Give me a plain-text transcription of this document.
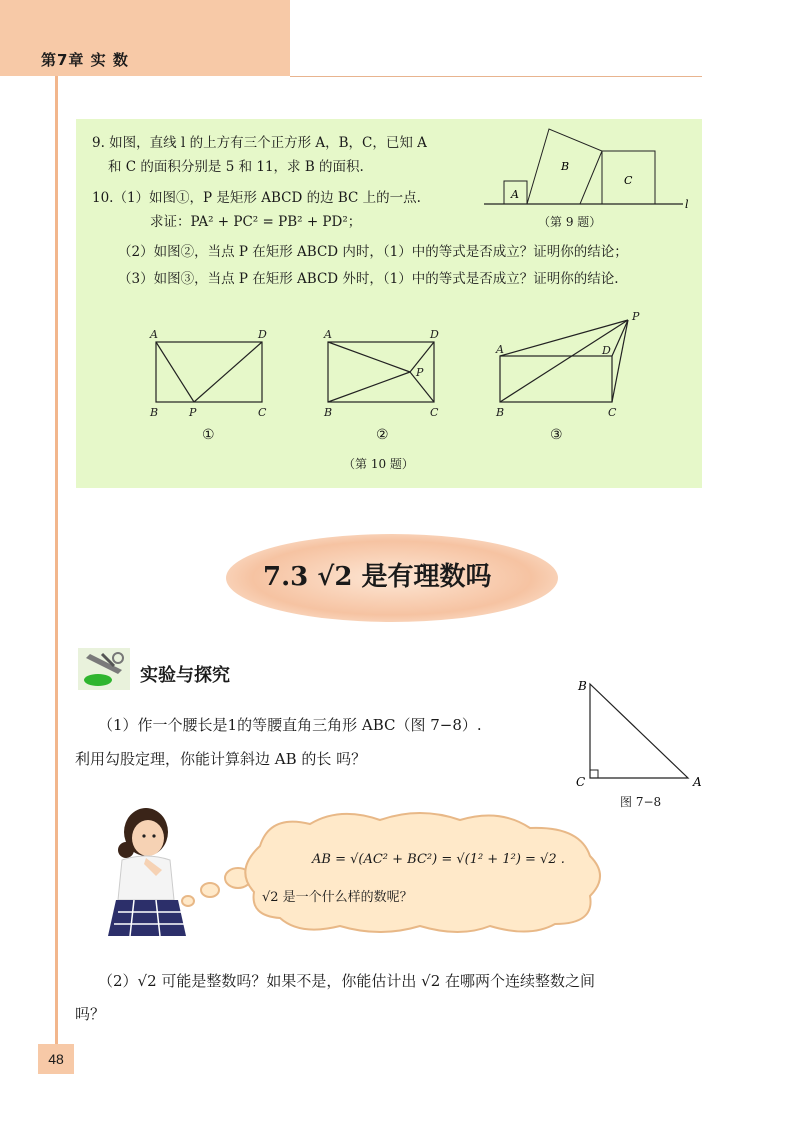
第7章 实 数
9. 如图，直线 l 的上方有三个正方形 A，B，C，已知 A
和 C 的面积分别是 5 和 11，求 B 的面积.
10.（1）如图①，P 是矩形 ABCD 的边 BC 上的一点.
求证：PA² + PC² = PB² + PD²；
（2）如图②，当点 P 在矩形 ABCD 内时，（1）中的等式是否成立？证明你的结论；
（3）如图③，当点 P 在矩形 ABCD 外时，（1）中的等式是否成立？证明你的结论.
A
B
C
l
（第 9 题）
A	D
B	P	C
A	D
P
B	C
A	D
P
B	C
①	②	③
（第 10 题）
7.3 √2 是有理数吗
实验与探究
（1）作一个腰长是1的等腰直角三角形 ABC（图 7−8）.
利用勾股定理，你能计算斜边 AB 的长 吗？
B
C	A
图 7−8
AB = √(AC² + BC²) = √(1² + 1²) = √2 .
√2 是一个什么样的数呢？
（2）√2 可能是整数吗？如果不是，你能估计出 √2 在哪两个连续整数之间
吗？
48
